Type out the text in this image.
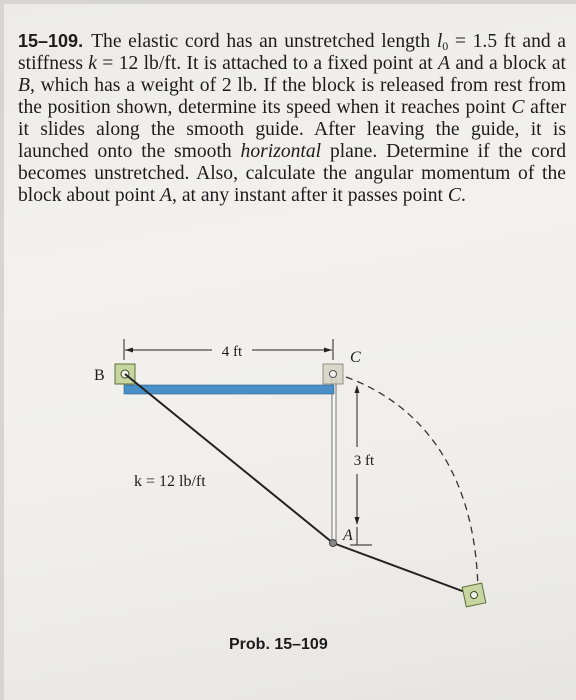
15–109. The elastic cord has an unstretched length $l_0 = 1.5$ ft and a stiffness k = 12 lb/ft. It is attached to a fixed point at A and a block at B, which has a weight of 2 lb. If the block is released from rest from the position shown, determine its speed when it reaches point C after it slides along the smooth guide. After leaving the guide, it is launched onto the smooth horizontal plane. Determine if the cord becomes unstretched. Also, calculate the angular momentum of the block about point A, at any instant after it passes point C.

4 ft
B
C
A
3 ft
k = 12 lb/ft

Prob. 15–109
